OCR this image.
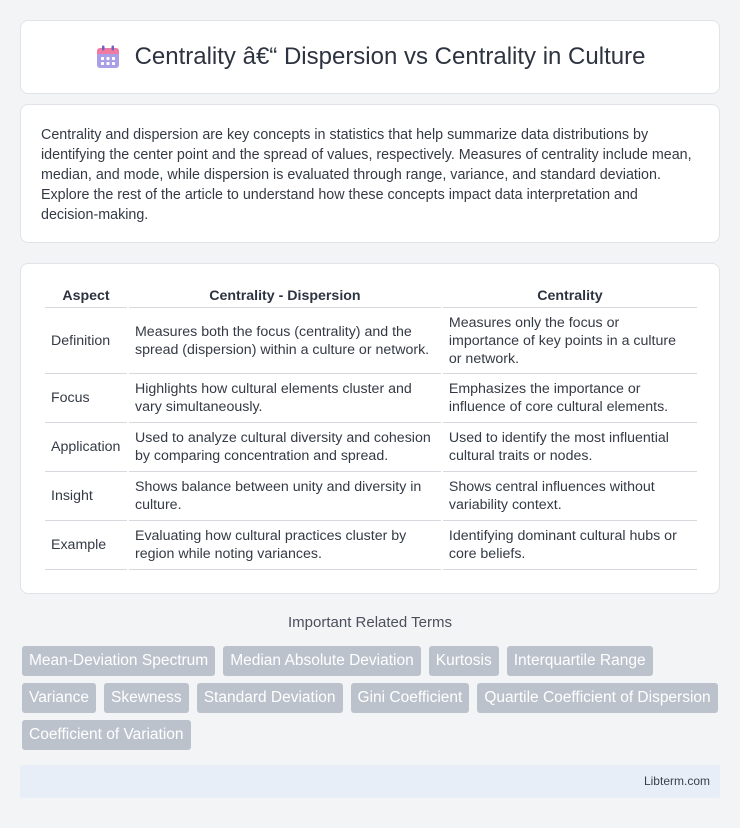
Centrality â€“ Dispersion vs Centrality in Culture

Centrality and dispersion are key concepts in statistics that help summarize data distributions by identifying the center point and the spread of values, respectively. Measures of centrality include mean, median, and mode, while dispersion is evaluated through range, variance, and standard deviation. Explore the rest of the article to understand how these concepts impact data interpretation and decision-making.

Aspect	Centrality - Dispersion	Centrality
Definition	Measures both the focus (centrality) and the spread (dispersion) within a culture or network.	Measures only the focus or importance of key points in a culture or network.
Focus	Highlights how cultural elements cluster and vary simultaneously.	Emphasizes the importance or influence of core cultural elements.
Application	Used to analyze cultural diversity and cohesion by comparing concentration and spread.	Used to identify the most influential cultural traits or nodes.
Insight	Shows balance between unity and diversity in culture.	Shows central influences without variability context.
Example	Evaluating how cultural practices cluster by region while noting variances.	Identifying dominant cultural hubs or core beliefs.
Important Related Terms
Mean-Deviation Spectrum	Median Absolute Deviation	Kurtosis	Interquartile Range
Variance	Skewness	Standard Deviation	Gini Coefficient	Quartile Coefficient of Dispersion
Coefficient of Variation
Libterm.com
